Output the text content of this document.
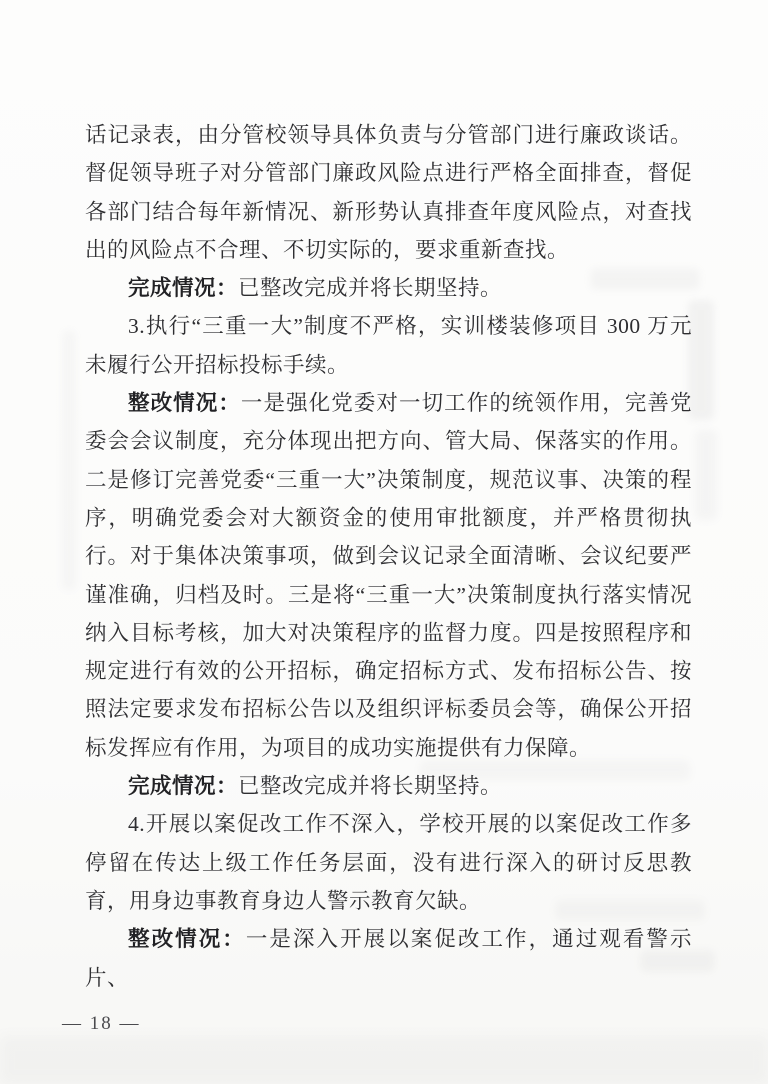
话记录表，由分管校领导具体负责与分管部门进行廉政谈话。督促领导班子对分管部门廉政风险点进行严格全面排查，督促各部门结合每年新情况、新形势认真排查年度风险点，对查找出的风险点不合理、不切实际的，要求重新查找。

完成情况：已整改完成并将长期坚持。

3.执行“三重一大”制度不严格，实训楼装修项目 300 万元未履行公开招标投标手续。

整改情况：一是强化党委对一切工作的统领作用，完善党委会会议制度，充分体现出把方向、管大局、保落实的作用。二是修订完善党委“三重一大”决策制度，规范议事、决策的程序，明确党委会对大额资金的使用审批额度，并严格贯彻执行。对于集体决策事项，做到会议记录全面清晰、会议纪要严谨准确，归档及时。三是将“三重一大”决策制度执行落实情况纳入目标考核，加大对决策程序的监督力度。四是按照程序和规定进行有效的公开招标，确定招标方式、发布招标公告、按照法定要求发布招标公告以及组织评标委员会等，确保公开招标发挥应有作用，为项目的成功实施提供有力保障。

完成情况：已整改完成并将长期坚持。

4.开展以案促改工作不深入，学校开展的以案促改工作多停留在传达上级工作任务层面，没有进行深入的研讨反思教育，用身边事教育身边人警示教育欠缺。

整改情况：一是深入开展以案促改工作，通过观看警示片、

— 18 —
